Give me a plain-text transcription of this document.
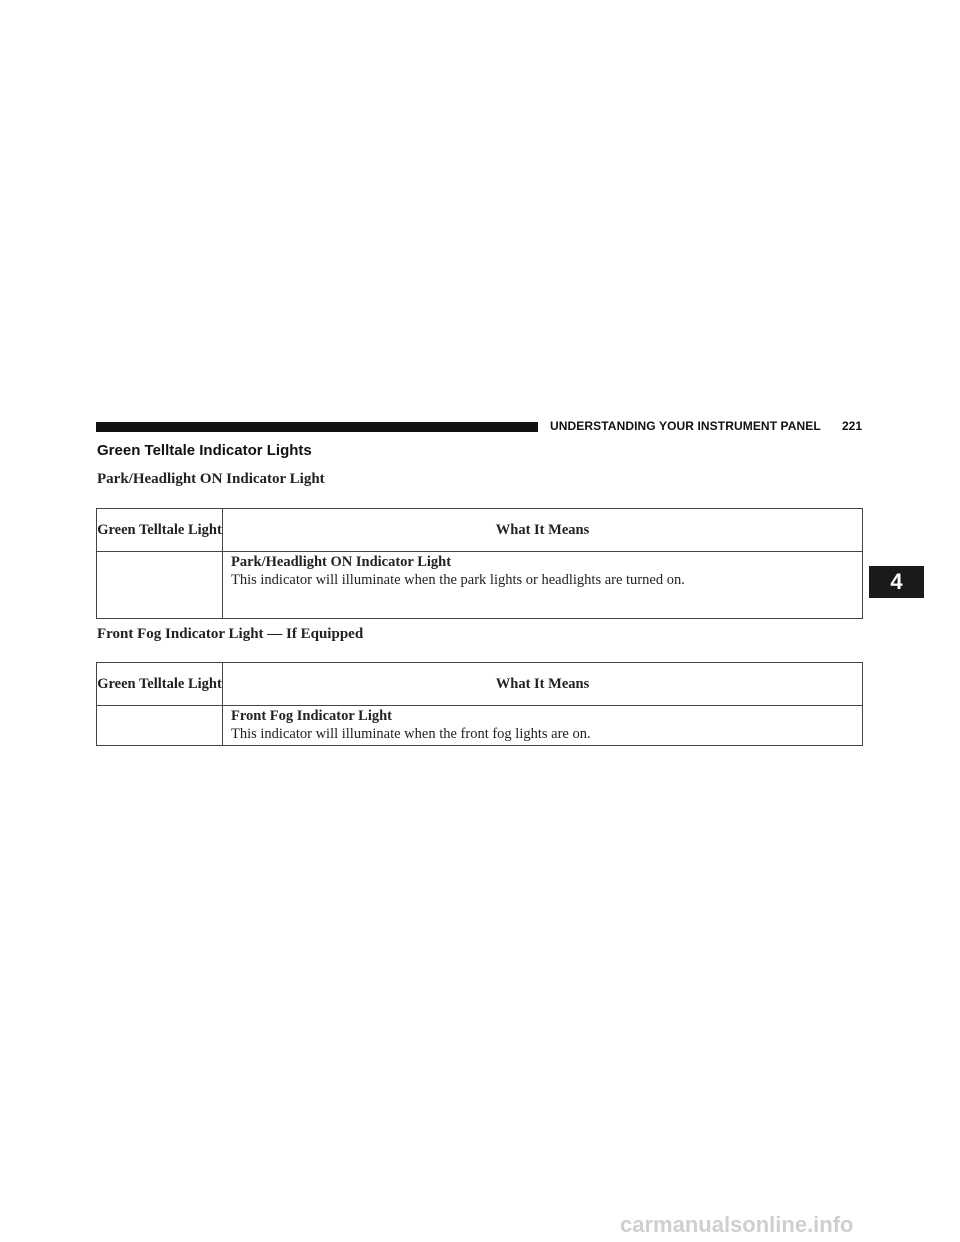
UNDERSTANDING YOUR INSTRUMENT PANEL 221
Green Telltale Indicator Lights
Park/Headlight ON Indicator Light
Green Telltale Light	What It Means

	Park/Headlight ON Indicator Light
This indicator will illuminate when the park lights or headlights are turned on.
Front Fog Indicator Light — If Equipped
Green Telltale Light	What It Means

	Front Fog Indicator Light
This indicator will illuminate when the front fog lights are on.
4
carmanualsonline.info
